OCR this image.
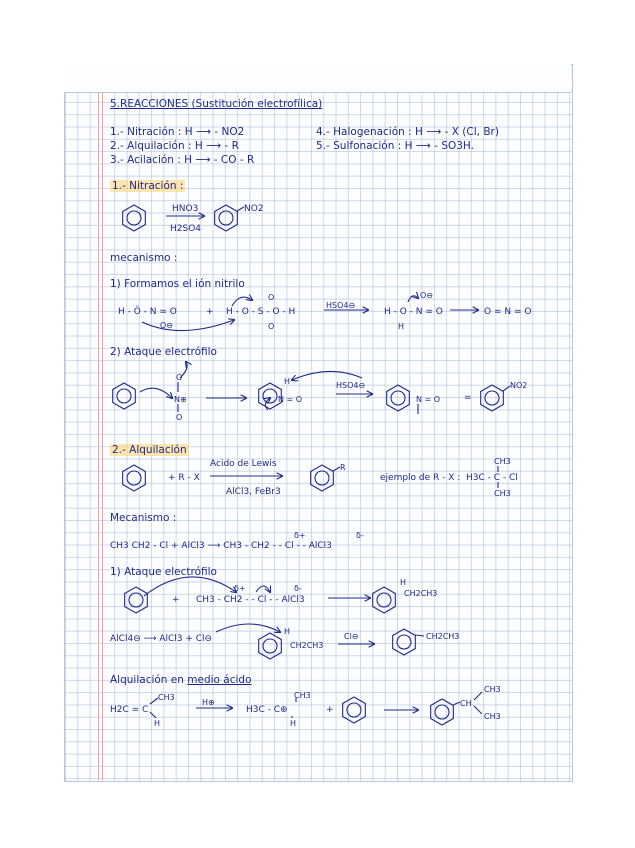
5.REACCIONES (Sustitución electrofílica)
1.- Nitración : H ⟶ - NO2
2.- Alquilación : H ⟶ - R
3.- Acilación : H ⟶ - CO - R
4.- Halogenación : H ⟶ - X (Cl, Br)
5.- Sulfonación : H ⟶ - SO3H.
1.- Nitración :
HNO3
H2SO4
NO2
mecanismo :
1) Formamos el ión nitrilo
H - Ö - N = O
O⊖
+ H - O - S - O - H
O
O
HSO4⊖
H - O - N = O
H
O⊖
O = N = O
2) Ataque electrófilo
O
N⊕
O
H
N = O
HSO4⊖
N = O	=
NO2
2.- Alquilación
+ R - X
Acido de Lewis
AlCl3, FeBr3
R
ejemplo de R - X : H3C - C - Cl
CH3
CH3
Mecanismo :
δ+	δ-
CH3 CH2 - Cl + AlCl3 ⟶ CH3 - CH2 - - Cl - - AlCl3
1) Ataque electrófilo
+
δ+	δ-
CH3 - CH2 - - Cl - - AlCl3
H
CH2CH3
AlCl4⊖ ⟶ AlCl3 + Cl⊖
H
CH2CH3
Cl⊖	CH2CH3
Alquilación en medio ácido
H2C = C
CH3
H
H⊕
H3C - C⊕
CH3
H
+
CH
CH3
CH3
